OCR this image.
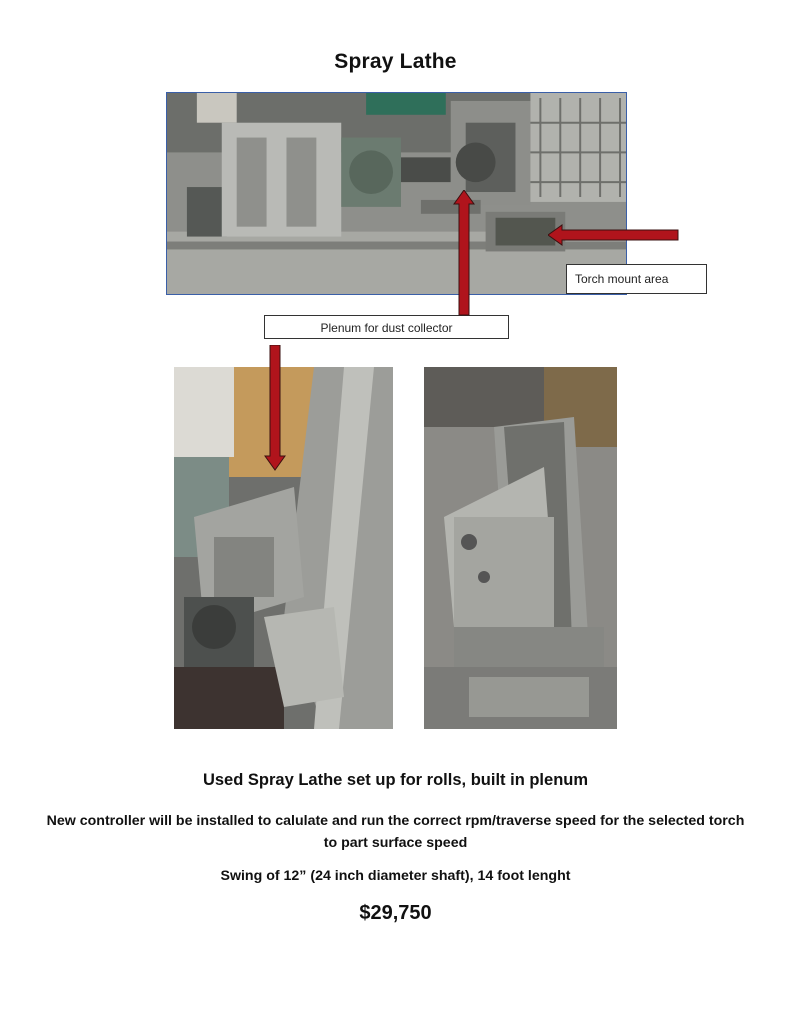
Spray Lathe
Torch mount area
Plenum for dust collector
Used Spray Lathe set up for rolls, built in plenum
New controller will be installed to calulate and run the correct rpm/traverse speed for the selected torch to part surface speed
Swing of 12” (24 inch diameter shaft), 14 foot lenght
$29,750
